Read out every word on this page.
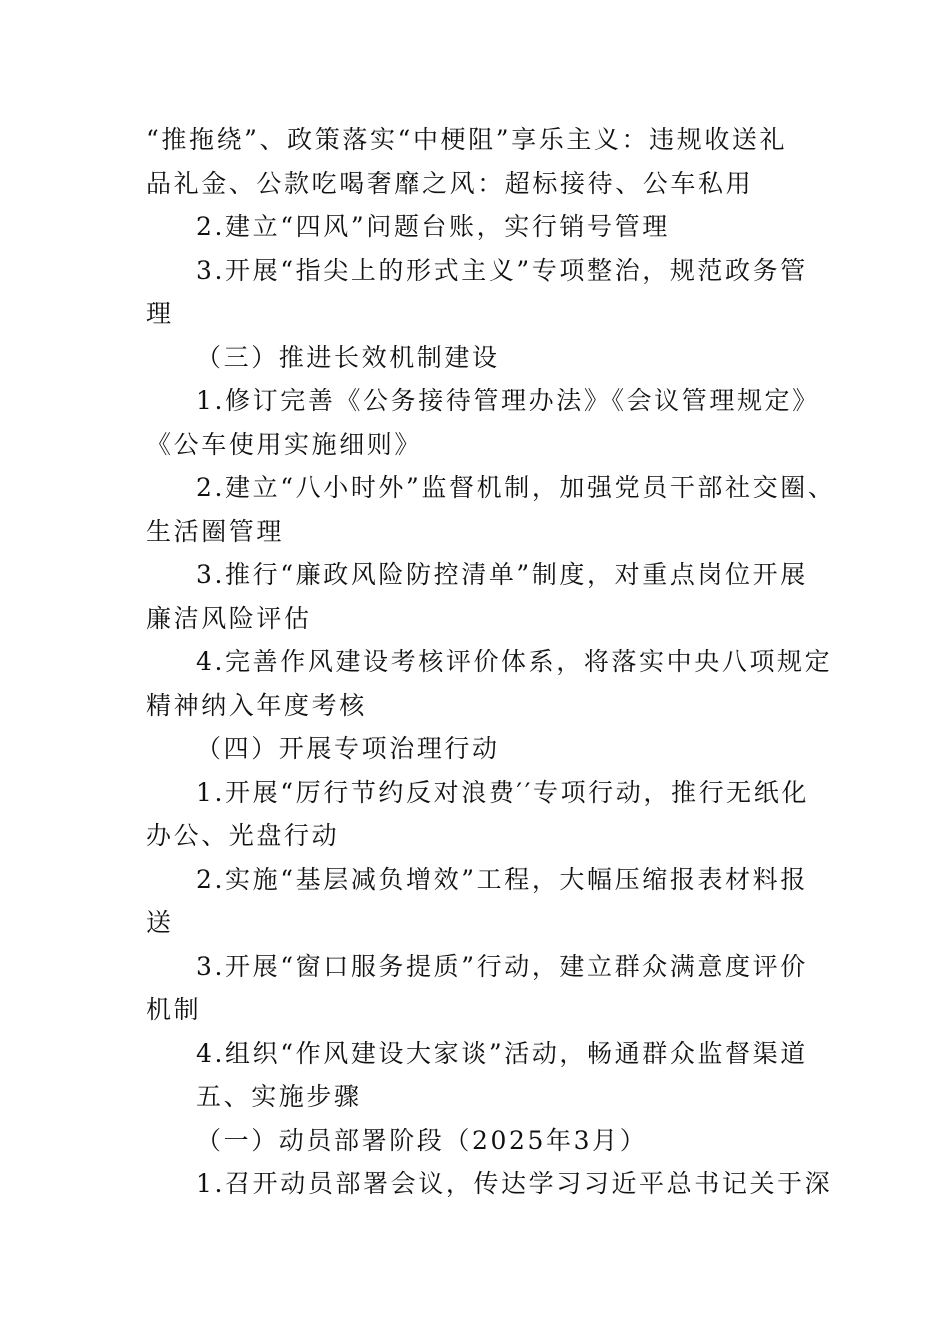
“推拖绕”、政策落实“中梗阻”享乐主义：违规收送礼
品礼金、公款吃喝奢靡之风：超标接待、公车私用
2.建立“四风”问题台账，实行销号管理
3.开展“指尖上的形式主义”专项整治，规范政务管
理
（三）推进长效机制建设
1.修订完善《公务接待管理办法》《会议管理规定》
《公车使用实施细则》
2.建立“八小时外”监督机制，加强党员干部社交圈、
生活圈管理
3.推行“廉政风险防控清单”制度，对重点岗位开展
廉洁风险评估
4.完善作风建设考核评价体系，将落实中央八项规定
精神纳入年度考核
（四）开展专项治理行动
1.开展“厉行节约反对浪费′′专项行动，推行无纸化
办公、光盘行动
2.实施“基层减负增效”工程，大幅压缩报表材料报
送
3.开展“窗口服务提质”行动，建立群众满意度评价
机制
4.组织“作风建设大家谈”活动，畅通群众监督渠道
五、实施步骤
（一）动员部署阶段（2025年3月）
1.召开动员部署会议，传达学习习近平总书记关于深
